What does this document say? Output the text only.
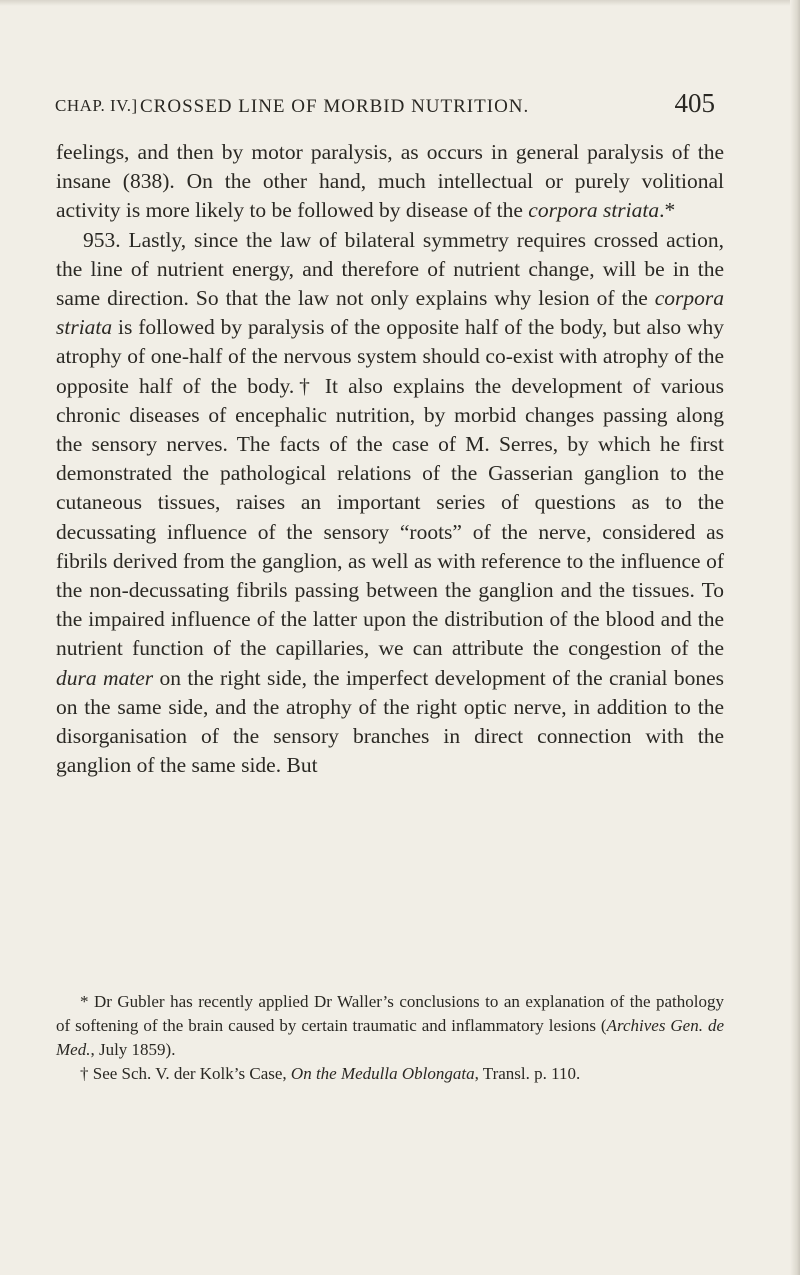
CHAP. IV.] CROSSED LINE OF MORBID NUTRITION.	405

feelings, and then by motor paralysis, as occurs in general paralysis of the insane (838). On the other hand, much intellectual or purely volitional activity is more likely to be followed by disease of the corpora striata.*

953. Lastly, since the law of bilateral symmetry requires crossed action, the line of nutrient energy, and therefore of nutrient change, will be in the same direction. So that the law not only explains why lesion of the corpora striata is followed by paralysis of the opposite half of the body, but also why atrophy of one-half of the nervous system should co-exist with atrophy of the opposite half of the body.† It also explains the development of various chronic diseases of encephalic nutrition, by morbid changes passing along the sensory nerves. The facts of the case of M. Serres, by which he first demonstrated the pathological relations of the Gasserian ganglion to the cutaneous tissues, raises an important series of questions as to the decussating influence of the sensory “roots” of the nerve, considered as fibrils derived from the ganglion, as well as with reference to the influence of the non-decussating fibrils passing between the ganglion and the tissues. To the impaired influence of the latter upon the distribution of the blood and the nutrient function of the capillaries, we can attribute the congestion of the dura mater on the right side, the imperfect development of the cranial bones on the same side, and the atrophy of the right optic nerve, in addition to the disorganisation of the sensory branches in direct connection with the ganglion of the same side. But

* Dr Gubler has recently applied Dr Waller’s conclusions to an explanation of the pathology of softening of the brain caused by certain traumatic and inflammatory lesions (Archives Gen. de Med., July 1859).

† See Sch. V. der Kolk’s Case, On the Medulla Oblongata, Transl. p. 110.
